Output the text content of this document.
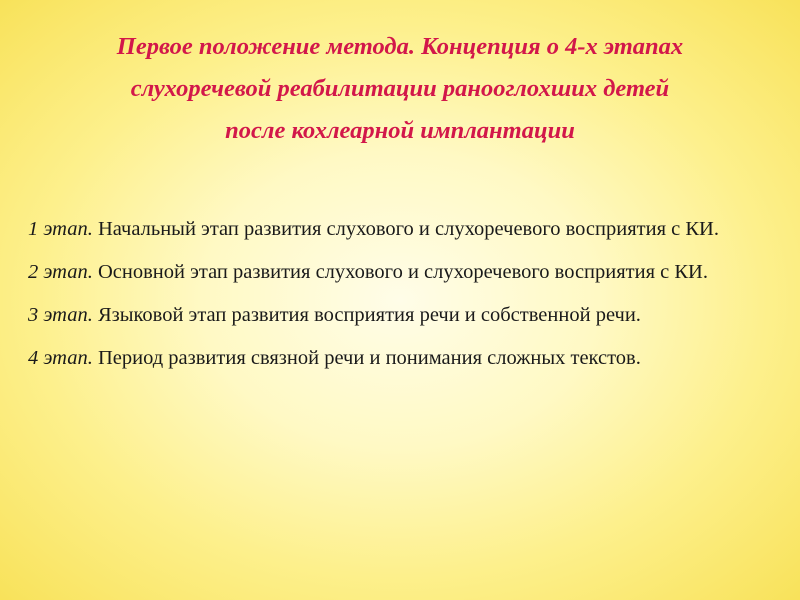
Первое положение метода. Концепция о 4-х этапах
слухоречевой реабилитации ранооглохших детей
после кохлеарной имплантации
1 этап. Начальный этап развития слухового и слухоречевого восприятия с КИ.
2 этап. Основной этап развития слухового и слухоречевого восприятия с КИ.
3 этап. Языковой этап развития восприятия речи и собственной речи.
4 этап. Период развития связной речи и понимания сложных текстов.
